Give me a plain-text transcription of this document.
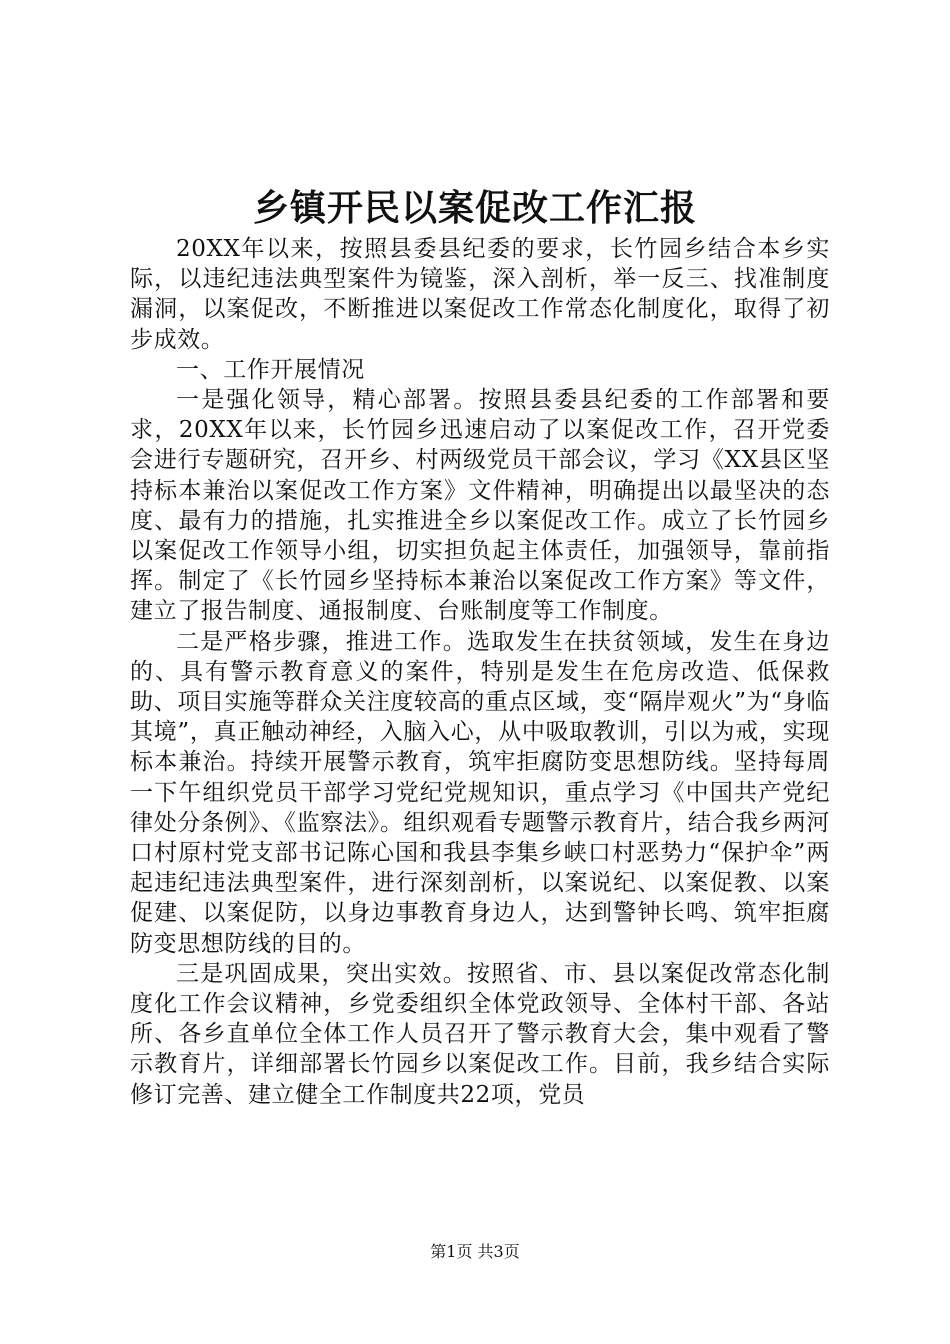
乡镇开民以案促改工作汇报

20XX年以来，按照县委县纪委的要求，长竹园乡结合本乡实际，以违纪违法典型案件为镜鉴，深入剖析，举一反三、找准制度漏洞，以案促改，不断推进以案促改工作常态化制度化，取得了初步成效。

一、工作开展情况

一是强化领导，精心部署。按照县委县纪委的工作部署和要求，20XX年以来，长竹园乡迅速启动了以案促改工作，召开党委会进行专题研究，召开乡、村两级党员干部会议，学习《XX县区坚持标本兼治以案促改工作方案》文件精神，明确提出以最坚决的态度、最有力的措施，扎实推进全乡以案促改工作。成立了长竹园乡以案促改工作领导小组，切实担负起主体责任，加强领导，靠前指挥。制定了《长竹园乡坚持标本兼治以案促改工作方案》等文件，建立了报告制度、通报制度、台账制度等工作制度。

二是严格步骤，推进工作。选取发生在扶贫领域，发生在身边的、具有警示教育意义的案件，特别是发生在危房改造、低保救助、项目实施等群众关注度较高的重点区域，变“隔岸观火”为“身临其境”，真正触动神经，入脑入心，从中吸取教训，引以为戒，实现标本兼治。持续开展警示教育，筑牢拒腐防变思想防线。坚持每周一下午组织党员干部学习党纪党规知识，重点学习《中国共产党纪律处分条例》、《监察法》。组织观看专题警示教育片，结合我乡两河口村原村党支部书记陈心国和我县李集乡峡口村恶势力“保护伞”两起违纪违法典型案件，进行深刻剖析，以案说纪、以案促教、以案促建、以案促防，以身边事教育身边人，达到警钟长鸣、筑牢拒腐防变思想防线的目的。

三是巩固成果，突出实效。按照省、市、县以案促改常态化制度化工作会议精神，乡党委组织全体党政领导、全体村干部、各站所、各乡直单位全体工作人员召开了警示教育大会，集中观看了警示教育片，详细部署长竹园乡以案促改工作。目前，我乡结合实际修订完善、建立健全工作制度共22项，党员

第1页 共3页
